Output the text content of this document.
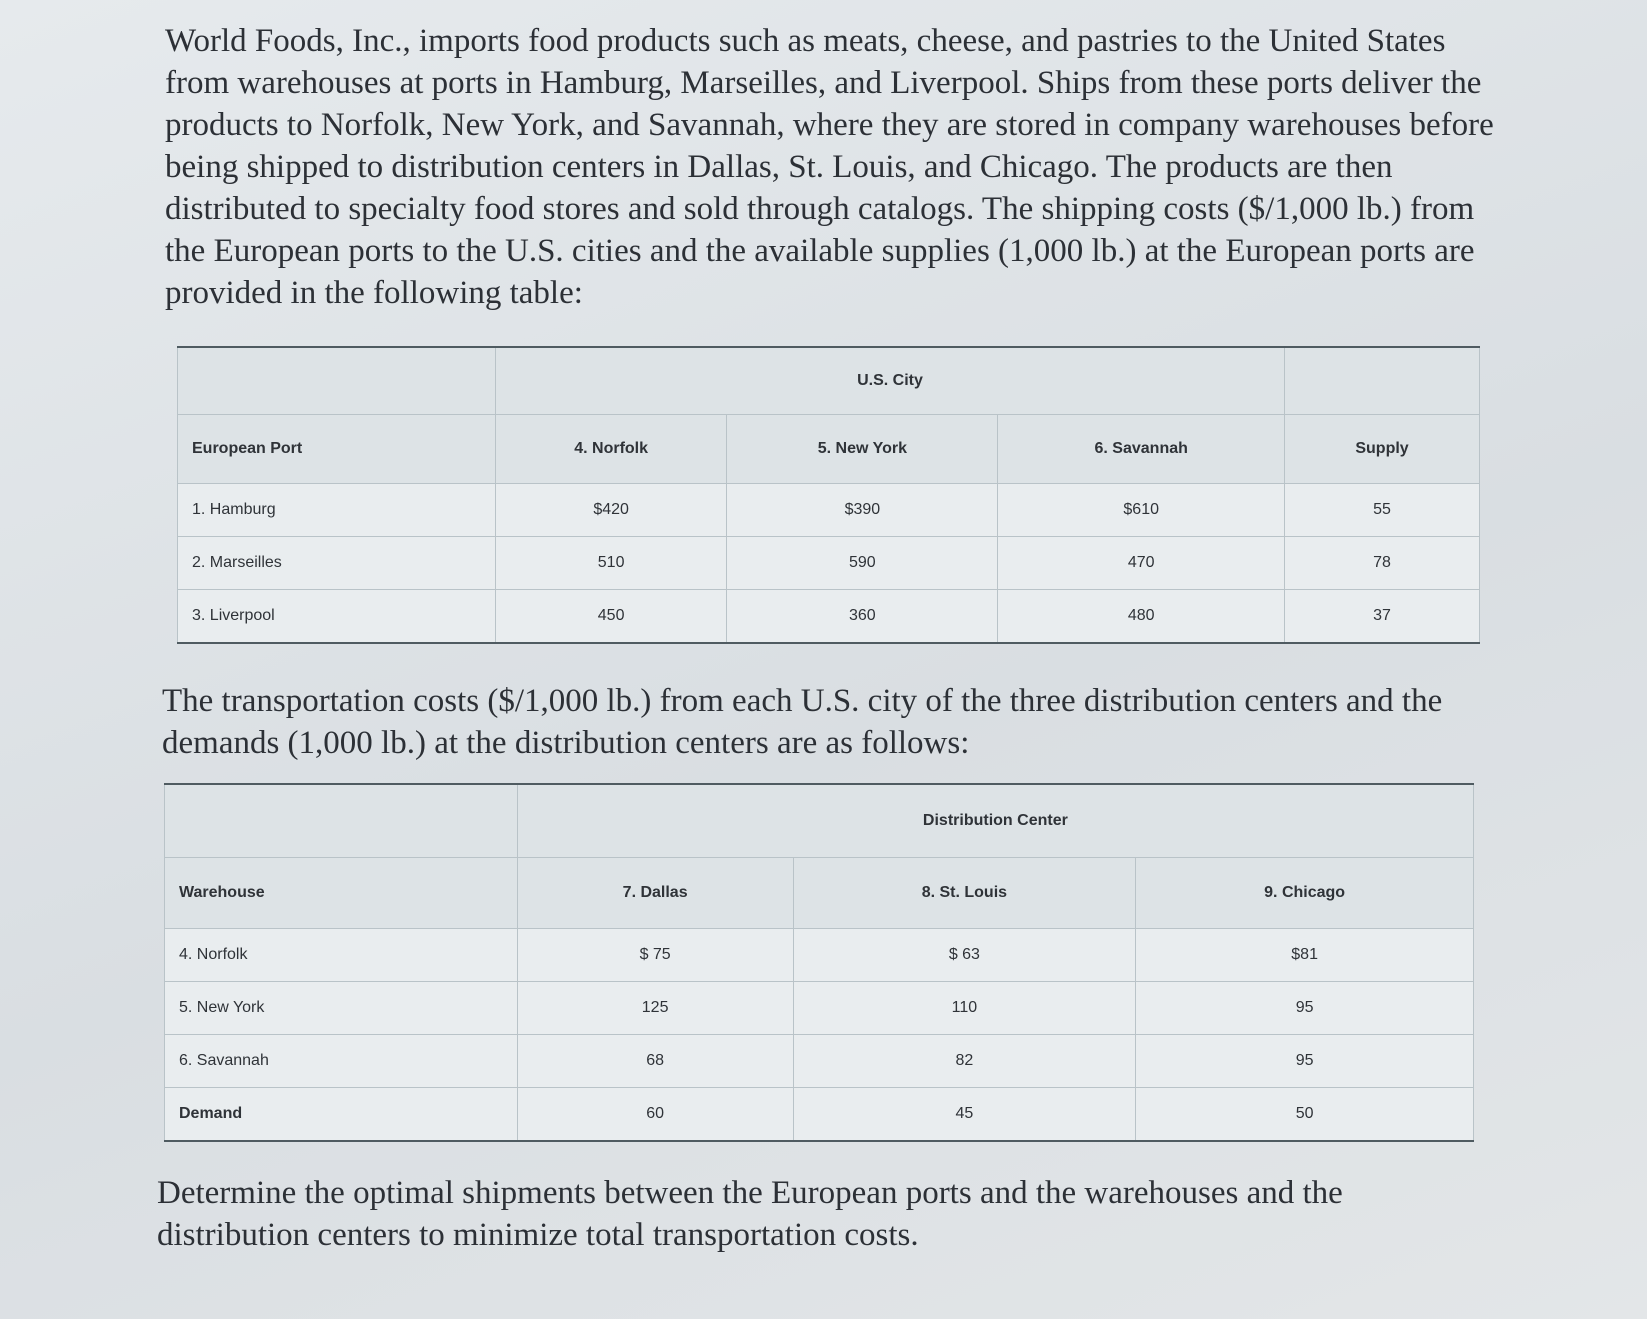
World Foods, Inc., imports food products such as meats, cheese, and pastries to the United States from warehouses at ports in Hamburg, Marseilles, and Liverpool. Ships from these ports deliver the products to Norfolk, New York, and Savannah, where they are stored in company warehouses before being shipped to distribution centers in Dallas, St. Louis, and Chicago. The products are then distributed to specialty food stores and sold through catalogs. The shipping costs ($/1,000 lb.) from the European ports to the U.S. cities and the available supplies (1,000 lb.) at the European ports are provided in the following table:

	U.S. City			
European Port	4. Norfolk	5. New York	6. Savannah	Supply
1. Hamburg	$420	$390	$610	55
2. Marseilles	510	590	470	78
3. Liverpool	450	360	480	37

The transportation costs ($/1,000 lb.) from each U.S. city of the three distribution centers and the demands (1,000 lb.) at the distribution centers are as follows:

	Distribution Center		
Warehouse	7. Dallas	8. St. Louis	9. Chicago
4. Norfolk	$ 75	$ 63	$81
5. New York	125	110	95
6. Savannah	68	82	95
Demand	60	45	50

Determine the optimal shipments between the European ports and the warehouses and the distribution centers to minimize total transportation costs.
